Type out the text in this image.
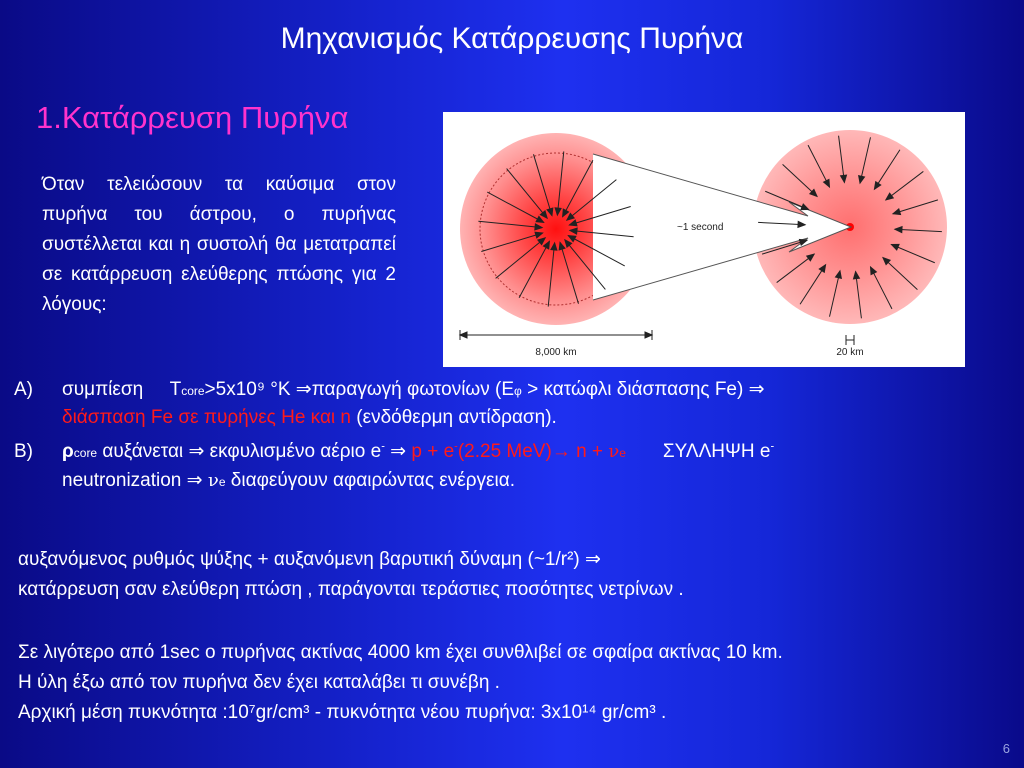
Μηχανισμός Κατάρρευσης Πυρήνα
1.Κατάρρευση Πυρήνα
Όταν τελειώσουν τα καύσιμα στον πυρήνα του άστρου, ο πυρήνας συστέλλεται και η συστολή θα μετατραπεί σε κατάρρευση ελεύθερης πτώσης για 2 λόγους:
~1 second
8,000 km	20 km
A) συμπίεση Tcore>5x10⁹ °K ⇒παραγωγή φωτονίων (Eφ > κατώφλι διάσπασης Fe) ⇒
διάσπαση Fe σε πυρήνες He και n (ενδόθερμη αντίδραση).
B) ρcore αυξάνεται ⇒ εκφυλισμένο αέριο e- ⇒ p + e-(2.25 MeV)→ n + νe ΣΥΛΛΗΨΗ e-
neutronization ⇒ νe διαφεύγουν αφαιρώντας ενέργεια.
αυξανόμενος ρυθμός ψύξης + αυξανόμενη βαρυτική δύναμη (~1/r²) ⇒
κατάρρευση σαν ελεύθερη πτώση , παράγονται τεράστιες ποσότητες νετρίνων .
Σε λιγότερο από 1sec ο πυρήνας ακτίνας 4000 km έχει συνθλιβεί σε σφαίρα ακτίνας 10 km.
Η ύλη έξω από τον πυρήνα δεν έχει καταλάβει τι συνέβη .
Αρχική μέση πυκνότητα :10⁷gr/cm³ - πυκνότητα νέου πυρήνα: 3x10¹⁴ gr/cm³ .
6
